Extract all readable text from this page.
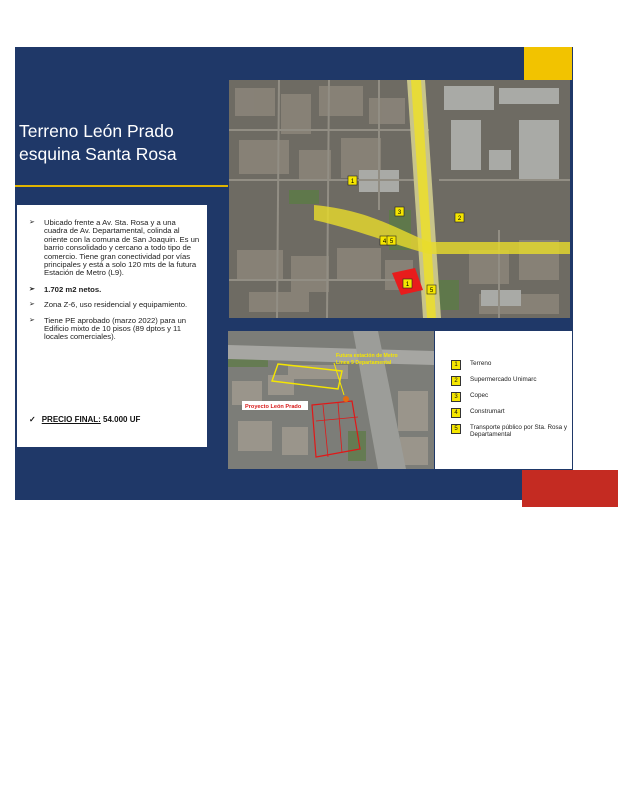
Terreno León Prado
esquina Santa Rosa
➢ Ubicado frente a Av. Sta. Rosa y a una cuadra de Av. Departamental, colinda al oriente con la comuna de San Joaquin. Es un barrio consolidado y cercano a todo tipo de comercio. Tiene gran conectividad por vías principales y está a solo 120 mts de la futura Estación de Metro (L9).
➢ 1.702 m2 netos.
➢ Zona Z-6, uso residencial y equipamiento.
➢ Tiene PE aprobado (marzo 2022) para un Edificio mixto de 10 pisos (89 dptos y 11 locales comerciales).
✓ PRECIO FINAL: 54.000 UF
1
2
3
4 5
1
5
Futura estación de Metro
Línea 9 Departamental
Proyecto León Prado
1	Terreno
2	Supermercado Unimarc
3	Copec
4	Construmart
5	Transporte público por Sta. Rosa y Departamental
